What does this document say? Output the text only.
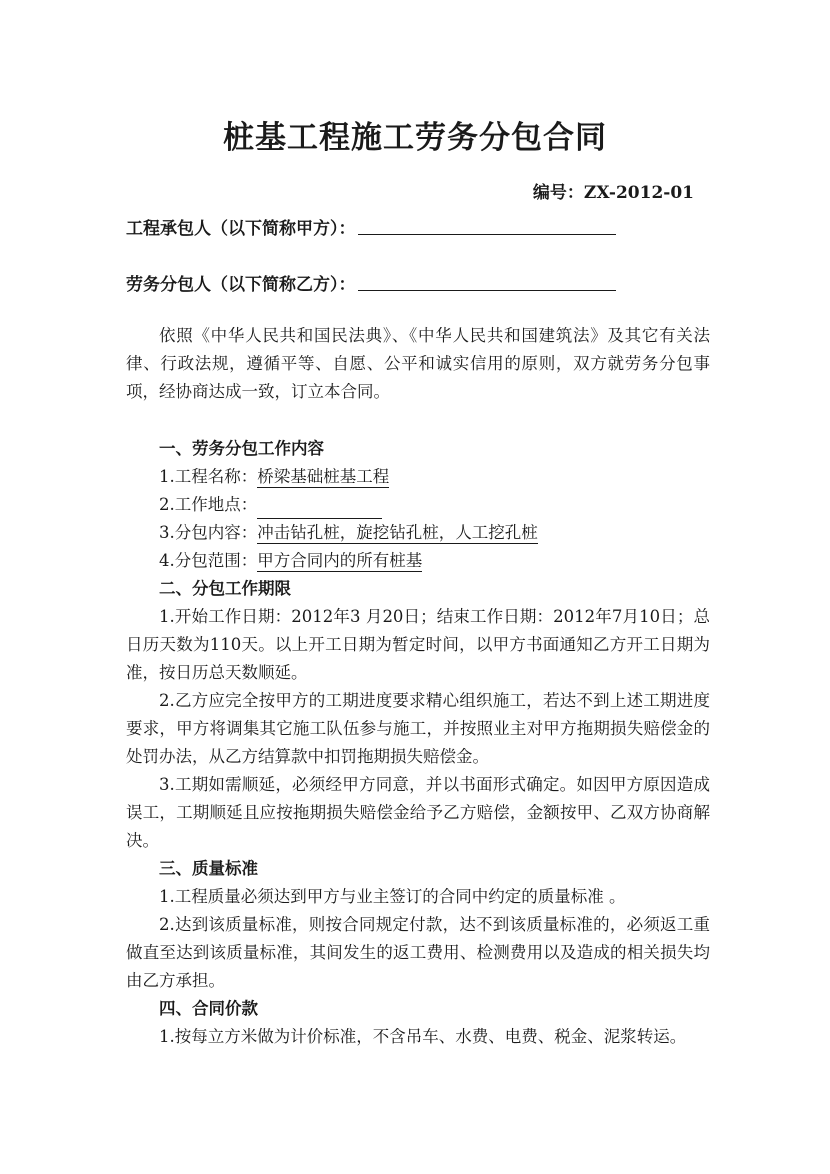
桩基工程施工劳务分包合同
编号：ZX-2012-01
工程承包人（以下简称甲方）：
劳务分包人（以下简称乙方）：
依照《中华人民共和国民法典》、《中华人民共和国建筑法》及其它有关法律、行政法规，遵循平等、自愿、公平和诚实信用的原则，双方就劳务分包事项，经协商达成一致，订立本合同。
一、劳务分包工作内容
1.工程名称：桥梁基础桩基工程
2.工作地点：
3.分包内容：冲击钻孔桩，旋挖钻孔桩，人工挖孔桩
4.分包范围：甲方合同内的所有桩基
二、分包工作期限
1.开始工作日期：2012年3 月20日；结束工作日期：2012年7月10日；总日历天数为110天。以上开工日期为暂定时间，以甲方书面通知乙方开工日期为准，按日历总天数顺延。
2.乙方应完全按甲方的工期进度要求精心组织施工，若达不到上述工期进度要求，甲方将调集其它施工队伍参与施工，并按照业主对甲方拖期损失赔偿金的处罚办法，从乙方结算款中扣罚拖期损失赔偿金。
3.工期如需顺延，必须经甲方同意，并以书面形式确定。如因甲方原因造成误工，工期顺延且应按拖期损失赔偿金给予乙方赔偿，金额按甲、乙双方协商解决。
三、质量标准
1.工程质量必须达到甲方与业主签订的合同中约定的质量标准 。
2.达到该质量标准，则按合同规定付款，达不到该质量标准的，必须返工重做直至达到该质量标准，其间发生的返工费用、检测费用以及造成的相关损失均由乙方承担。
四、合同价款
1.按每立方米做为计价标准，不含吊车、水费、电费、税金、泥浆转运。
